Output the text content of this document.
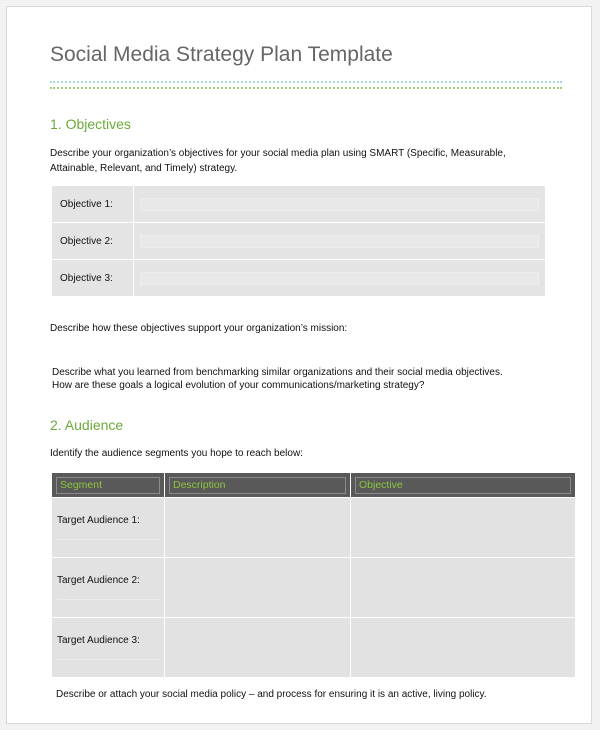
Social Media Strategy Plan Template
1. Objectives

Describe your organization’s objectives for your social media plan using SMART (Specific, Measurable, Attainable, Relevant, and Timely) strategy.

Objective 1:	

Objective 2:	

Objective 3:	

Describe how these objectives support your organization’s mission:

Describe what you learned from benchmarking similar organizations and their social media objectives.

How are these goals a logical evolution of your communications/marketing strategy?

2. Audience

Identify the audience segments you hope to reach below:

Segment	Description	Objective

Target Audience 1:

Target Audience 2:

Target Audience 3:

Describe or attach your social media policy – and process for ensuring it is an active, living policy.
